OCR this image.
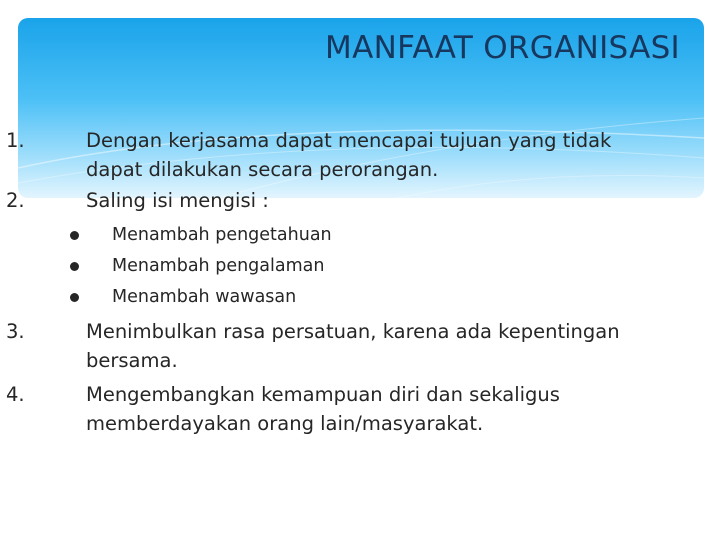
MANFAAT ORGANISASI
1.	Dengan kerjasama dapat mencapai tujuan yang tidak
dapat dilakukan secara perorangan.
2.	Saling isi mengisi :
Menambah pengetahuan
Menambah pengalaman
Menambah wawasan
3.	Menimbulkan rasa persatuan, karena ada kepentingan
bersama.
4.	Mengembangkan kemampuan diri dan sekaligus
memberdayakan orang lain/masyarakat.
